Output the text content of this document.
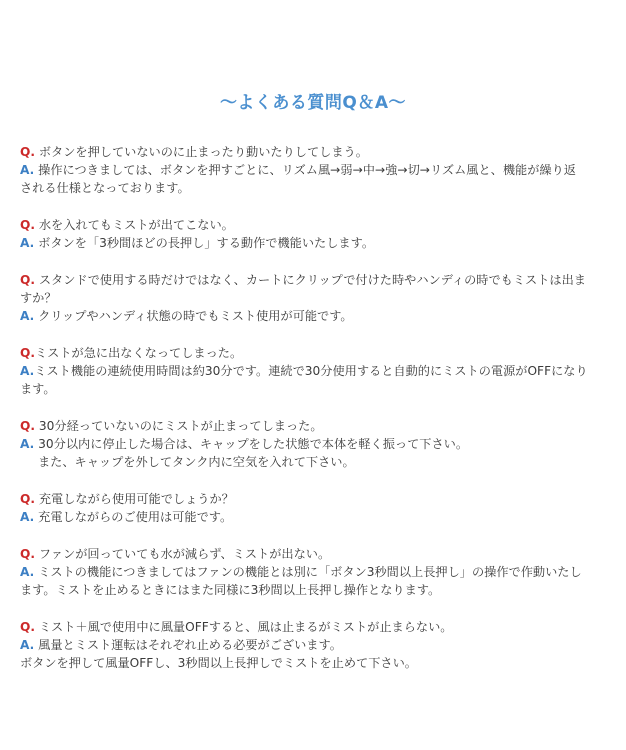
〜よくある質問Q＆A〜
Q. ボタンを押していないのに止まったり動いたりしてしまう。
A. 操作につきましては、ボタンを押すごとに、リズム風→弱→中→強→切→リズム風と、機能が繰り返される仕様となっております。
Q. 水を入れてもミストが出てこない。
A. ボタンを「3秒間ほどの長押し」する動作で機能いたします。
Q. スタンドで使用する時だけではなく、カートにクリップで付けた時やハンディの時でもミストは出ますか？
A. クリップやハンディ状態の時でもミスト使用が可能です。
Q.ミストが急に出なくなってしまった。
A.ミスト機能の連続使用時間は約30分です。連続で30分使用すると自動的にミストの電源がOFFになります。
Q. 30分経っていないのにミストが止まってしまった。
A. 30分以内に停止した場合は、キャップをした状態で本体を軽く振って下さい。
また、キャップを外してタンク内に空気を入れて下さい。
Q. 充電しながら使用可能でしょうか？
A. 充電しながらのご使用は可能です。
Q. ファンが回っていても水が減らず、ミストが出ない。
A. ミストの機能につきましてはファンの機能とは別に「ボタン3秒間以上長押し」の操作で作動いたします。ミストを止めるときにはまた同様に3秒間以上長押し操作となります。
Q. ミスト＋風で使用中に風量OFFすると、風は止まるがミストが止まらない。
A. 風量とミスト運転はそれぞれ止める必要がございます。
ボタンを押して風量OFFし、3秒間以上長押しでミストを止めて下さい。
